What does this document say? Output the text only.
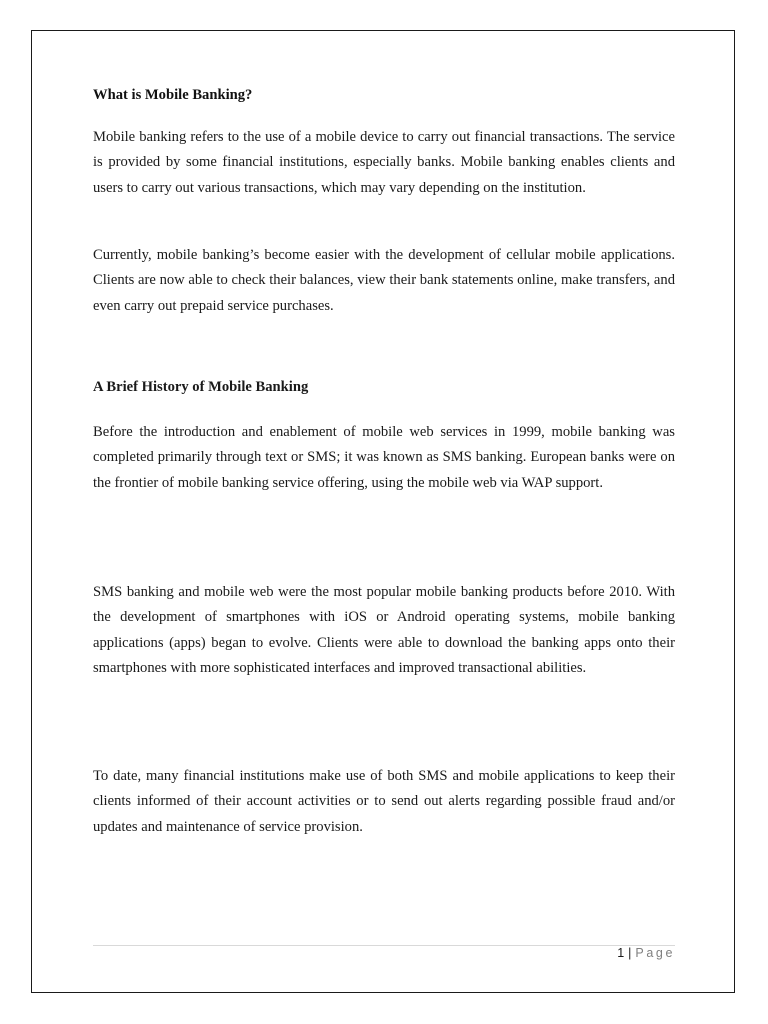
What is Mobile Banking?

Mobile banking refers to the use of a mobile device to carry out financial transactions. The service is provided by some financial institutions, especially banks. Mobile banking enables clients and users to carry out various transactions, which may vary depending on the institution.

Currently, mobile banking’s become easier with the development of cellular mobile applications. Clients are now able to check their balances, view their bank statements online, make transfers, and even carry out prepaid service purchases.

A Brief History of Mobile Banking

Before the introduction and enablement of mobile web services in 1999, mobile banking was completed primarily through text or SMS; it was known as SMS banking. European banks were on the frontier of mobile banking service offering, using the mobile web via WAP support.

SMS banking and mobile web were the most popular mobile banking products before 2010. With the development of smartphones with iOS or Android operating systems, mobile banking applications (apps) began to evolve. Clients were able to download the banking apps onto their smartphones with more sophisticated interfaces and improved transactional abilities.

To date, many financial institutions make use of both SMS and mobile applications to keep their clients informed of their account activities or to send out alerts regarding possible fraud and/or updates and maintenance of service provision.

1 | Page
